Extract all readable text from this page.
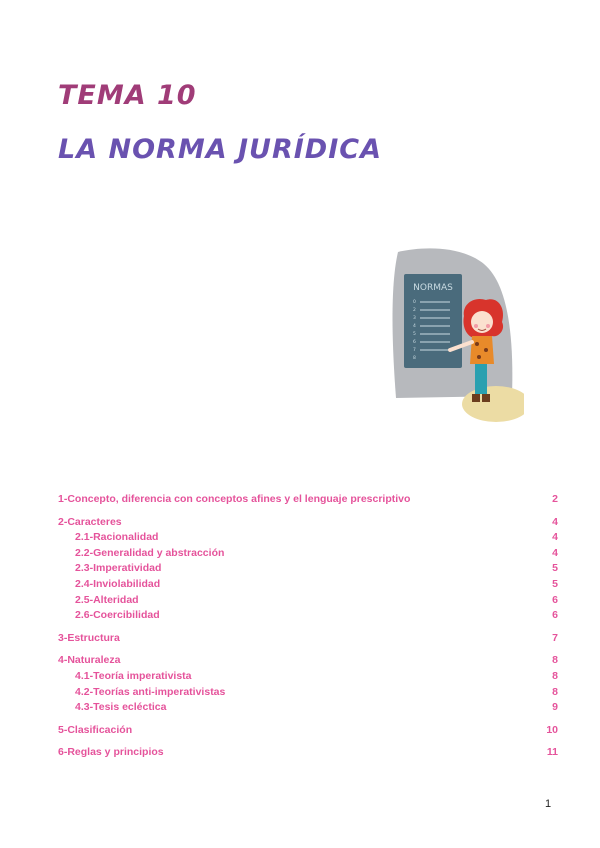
TEMA 10
LA NORMA JURÍDICA
NORMAS
0
2
3
4
5
6
7
8
1-Concepto, diferencia con conceptos afines y el lenguaje prescriptivo	2
2-Caracteres	4
2.1-Racionalidad	4
2.2-Generalidad y abstracción	4
2.3-Imperatividad	5
2.4-Inviolabilidad	5
2.5-Alteridad	6
2.6-Coercibilidad	6
3-Estructura	7
4-Naturaleza	8
4.1-Teoría imperativista	8
4.2-Teorías anti-imperativistas	8
4.3-Tesis ecléctica	9
5-Clasificación	10
6-Reglas y principios	11
1
